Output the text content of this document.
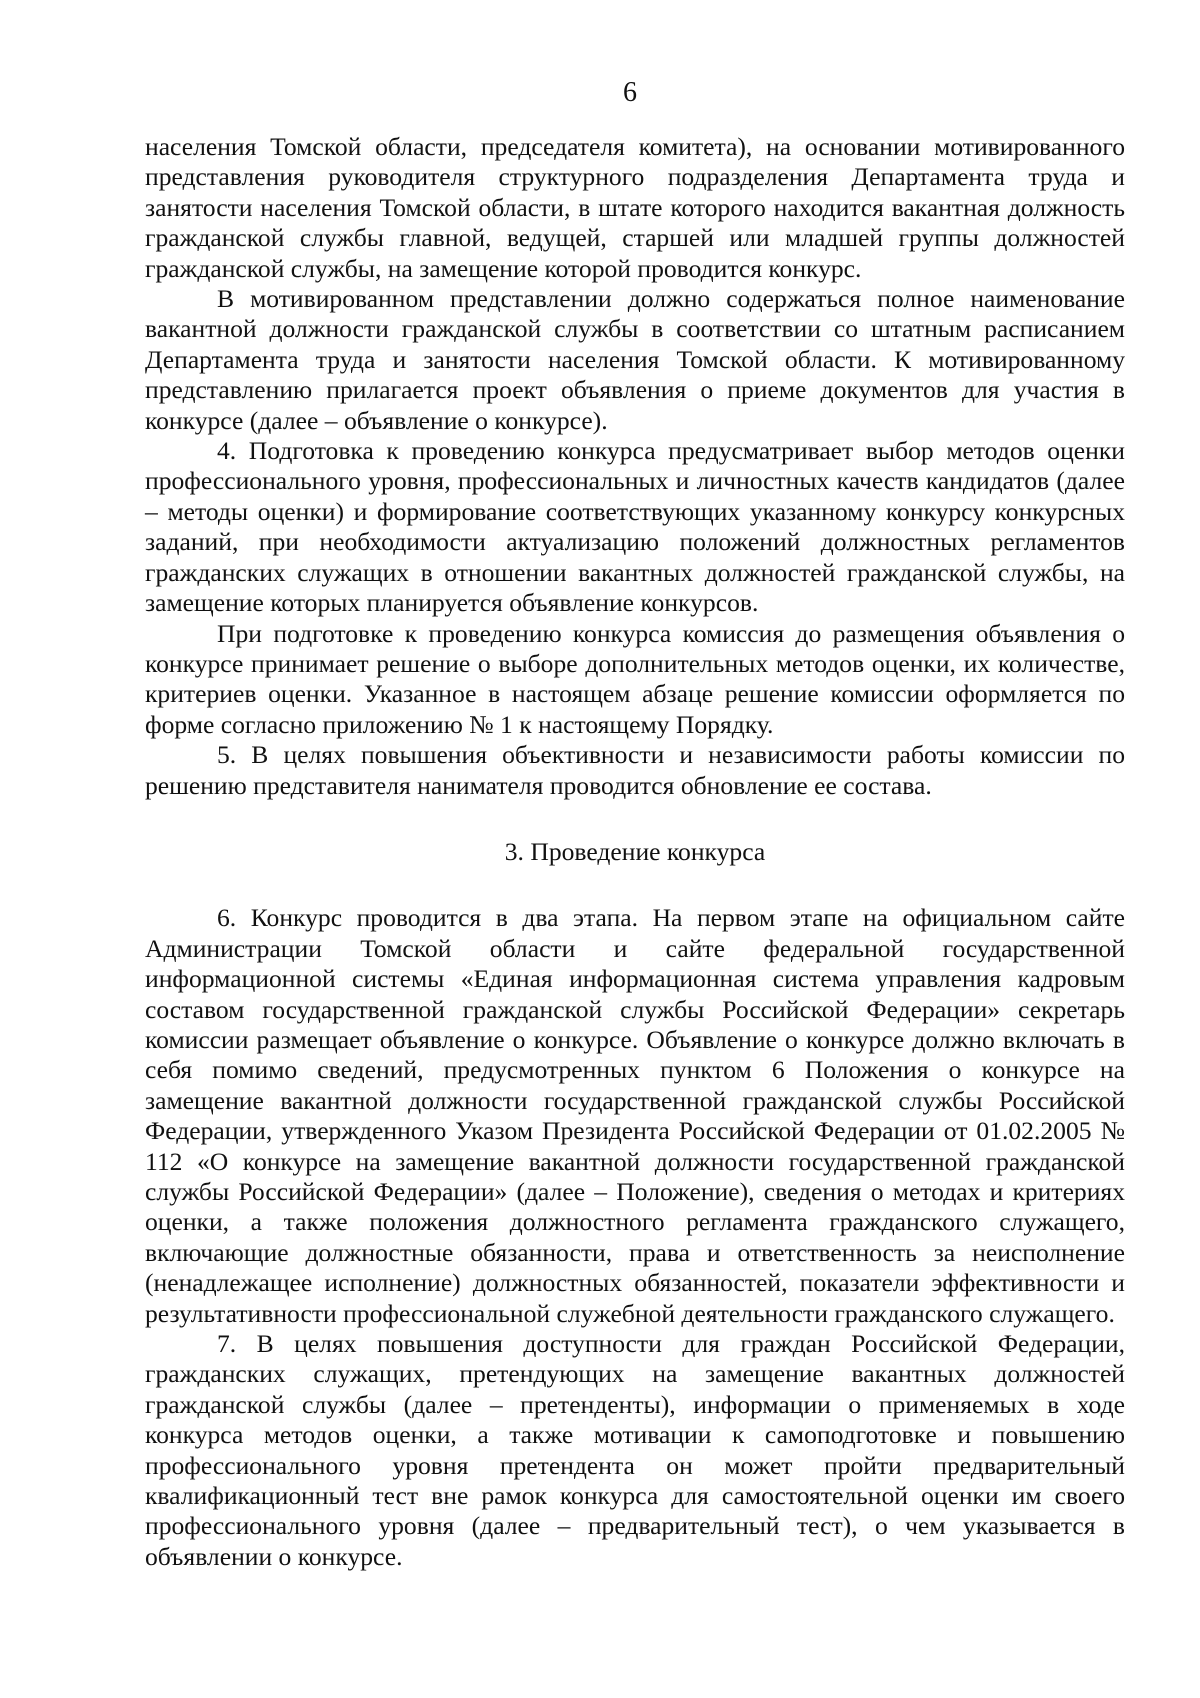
6

населения Томской области, председателя комитета), на основании мотивированного представления руководителя структурного подразделения Департамента труда и занятости населения Томской области, в штате которого находится вакантная должность гражданской службы главной, ведущей, старшей или младшей группы должностей гражданской службы, на замещение которой проводится конкурс.

В мотивированном представлении должно содержаться полное наименование вакантной должности гражданской службы в соответствии со штатным расписанием Департамента труда и занятости населения Томской области. К мотивированному представлению прилагается проект объявления о приеме документов для участия в конкурсе (далее – объявление о конкурсе).

4. Подготовка к проведению конкурса предусматривает выбор методов оценки профессионального уровня, профессиональных и личностных качеств кандидатов (далее – методы оценки) и формирование соответствующих указанному конкурсу конкурсных заданий, при необходимости актуализацию положений должностных регламентов гражданских служащих в отношении вакантных должностей гражданской службы, на замещение которых планируется объявление конкурсов.

При подготовке к проведению конкурса комиссия до размещения объявления о конкурсе принимает решение о выборе дополнительных методов оценки, их количестве, критериев оценки. Указанное в настоящем абзаце решение комиссии оформляется по форме согласно приложению № 1 к настоящему Порядку.

5. В целях повышения объективности и независимости работы комиссии по решению представителя нанимателя проводится обновление ее состава.

3. Проведение конкурса

6. Конкурс проводится в два этапа. На первом этапе на официальном сайте Администрации Томской области и сайте федеральной государственной информационной системы «Единая информационная система управления кадровым составом государственной гражданской службы Российской Федерации» секретарь комиссии размещает объявление о конкурсе. Объявление о конкурсе должно включать в себя помимо сведений, предусмотренных пунктом 6 Положения о конкурсе на замещение вакантной должности государственной гражданской службы Российской Федерации, утвержденного Указом Президента Российской Федерации от 01.02.2005 № 112 «О конкурсе на замещение вакантной должности государственной гражданской службы Российской Федерации» (далее – Положение), сведения о методах и критериях оценки, а также положения должностного регламента гражданского служащего, включающие должностные обязанности, права и ответственность за неисполнение (ненадлежащее исполнение) должностных обязанностей, показатели эффективности и результативности профессиональной служебной деятельности гражданского служащего.

7. В целях повышения доступности для граждан Российской Федерации, гражданских служащих, претендующих на замещение вакантных должностей гражданской службы (далее – претенденты), информации о применяемых в ходе конкурса методов оценки, а также мотивации к самоподготовке и повышению профессионального уровня претендента он может пройти предварительный квалификационный тест вне рамок конкурса для самостоятельной оценки им своего профессионального уровня (далее – предварительный тест), о чем указывается в объявлении о конкурсе.
